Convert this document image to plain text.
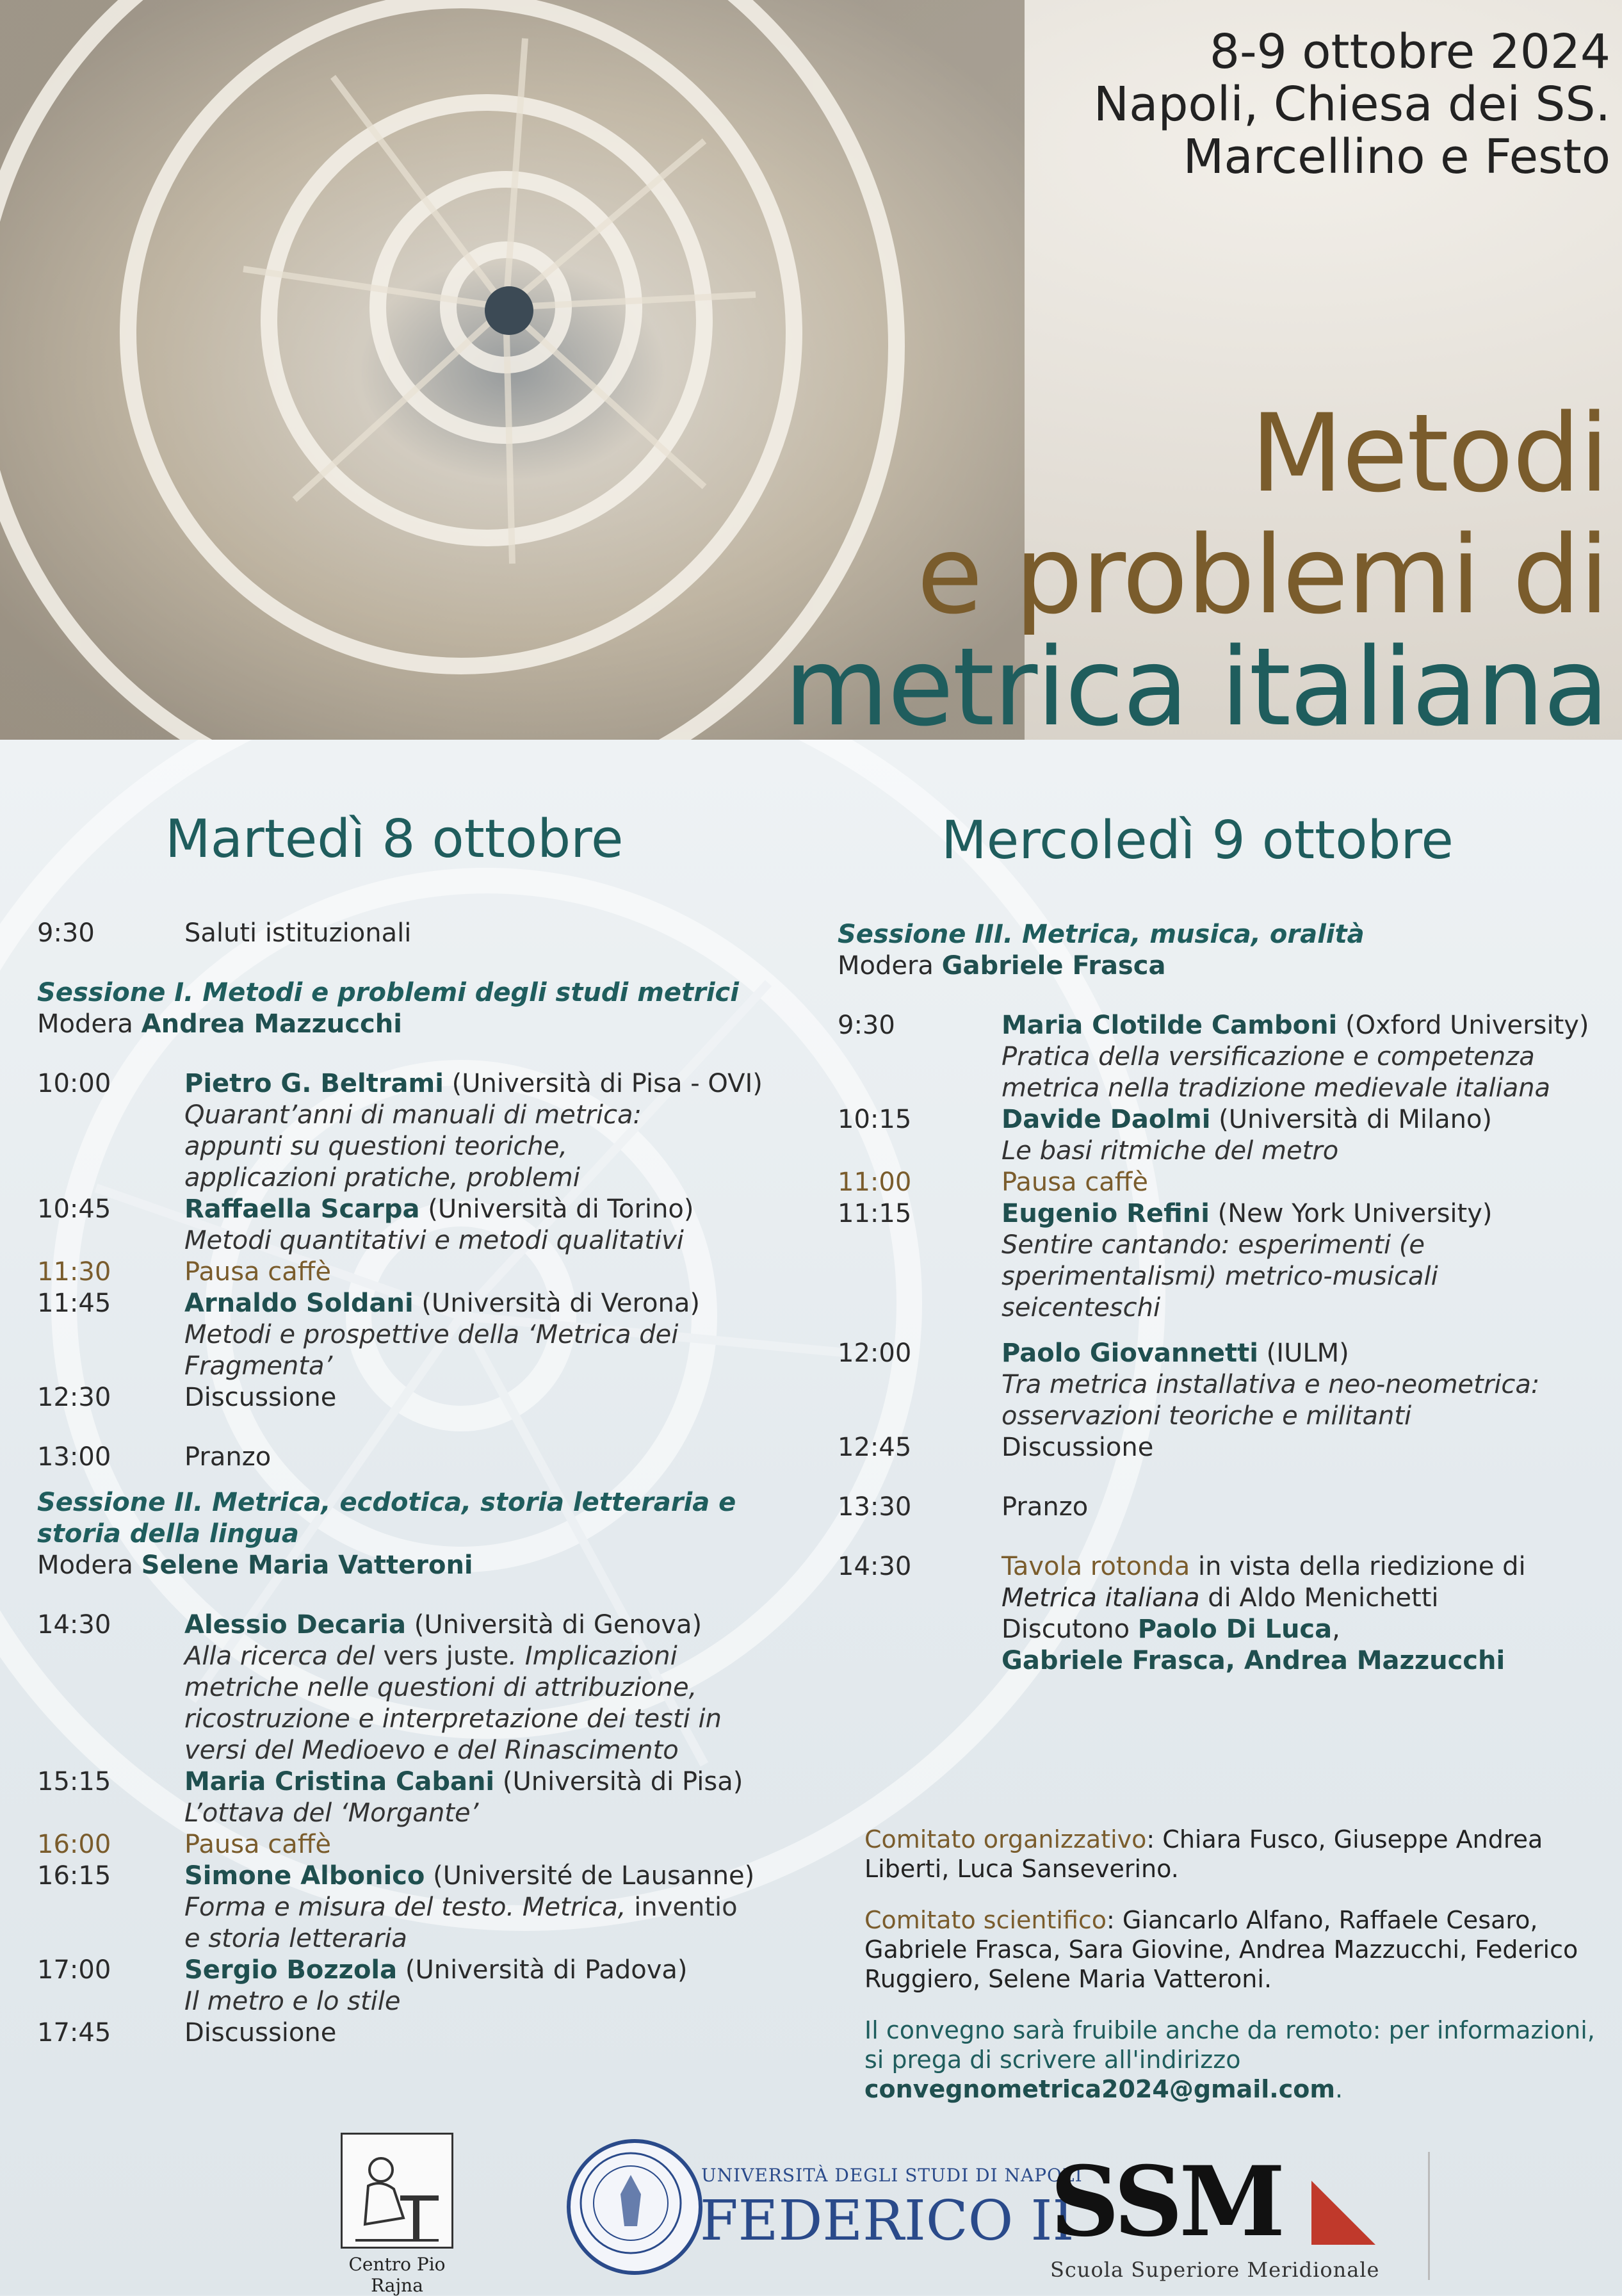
8-9 ottobre 2024
Napoli, Chiesa dei SS.
Marcellino e Festo
Metodi
e problemi di
metrica italiana
Martedì 8 ottobre
9:30	Saluti istituzionali
Sessione I. Metodi e problemi degli studi metrici
Modera Andrea Mazzucchi
10:00	Pietro G. Beltrami (Università di Pisa - OVI)
Quarant’anni di manuali di metrica:
appunti su questioni teoriche,
applicazioni pratiche, problemi
10:45	Raffaella Scarpa (Università di Torino)
Metodi quantitativi e metodi qualitativi
11:30	Pausa caffè
11:45	Arnaldo Soldani (Università di Verona)
Metodi e prospettive della ‘Metrica dei
Fragmenta’
12:30	Discussione
13:00	Pranzo
Sessione II. Metrica, ecdotica, storia letteraria e
storia della lingua
Modera Selene Maria Vatteroni
14:30	Alessio Decaria (Università di Genova)
Alla ricerca del vers juste. Implicazioni
metriche nelle questioni di attribuzione,
ricostruzione e interpretazione dei testi in
versi del Medioevo e del Rinascimento
15:15	Maria Cristina Cabani (Università di Pisa)
L’ottava del ‘Morgante’
16:00	Pausa caffè
16:15	Simone Albonico (Université de Lausanne)
Forma e misura del testo. Metrica, inventio
e storia letteraria
17:00	Sergio Bozzola (Università di Padova)
Il metro e lo stile
17:45	Discussione
Mercoledì 9 ottobre
Sessione III. Metrica, musica, oralità
Modera Gabriele Frasca
9:30	Maria Clotilde Camboni (Oxford University)
Pratica della versificazione e competenza
metrica nella tradizione medievale italiana
10:15	Davide Daolmi (Università di Milano)
Le basi ritmiche del metro
11:00	Pausa caffè
11:15	Eugenio Refini (New York University)
Sentire cantando: esperimenti (e
sperimentalismi) metrico-musicali
seicenteschi
12:00	Paolo Giovannetti (IULM)
Tra metrica installativa e neo-neometrica:
osservazioni teoriche e militanti
12:45	Discussione
13:30	Pranzo
14:30	Tavola rotonda in vista della riedizione di
Metrica italiana di Aldo Menichetti
Discutono Paolo Di Luca,
Gabriele Frasca, Andrea Mazzucchi

Comitato organizzativo: Chiara Fusco, Giuseppe Andrea Liberti, Luca Sanseverino.

Comitato scientifico: Giancarlo Alfano, Raffaele Cesaro, Gabriele Frasca, Sara Giovine, Andrea Mazzucchi, Federico Ruggiero, Selene Maria Vatteroni.

Il convegno sarà fruibile anche da remoto: per informazioni, si prega di scrivere all'indirizzo convegnometrica2024@gmail.com.

Centro Pio Rajna
UNIVERSITÀ DEGLI STUDI DI NAPOLI
FEDERICO II
SSM
Scuola Superiore Meridionale
